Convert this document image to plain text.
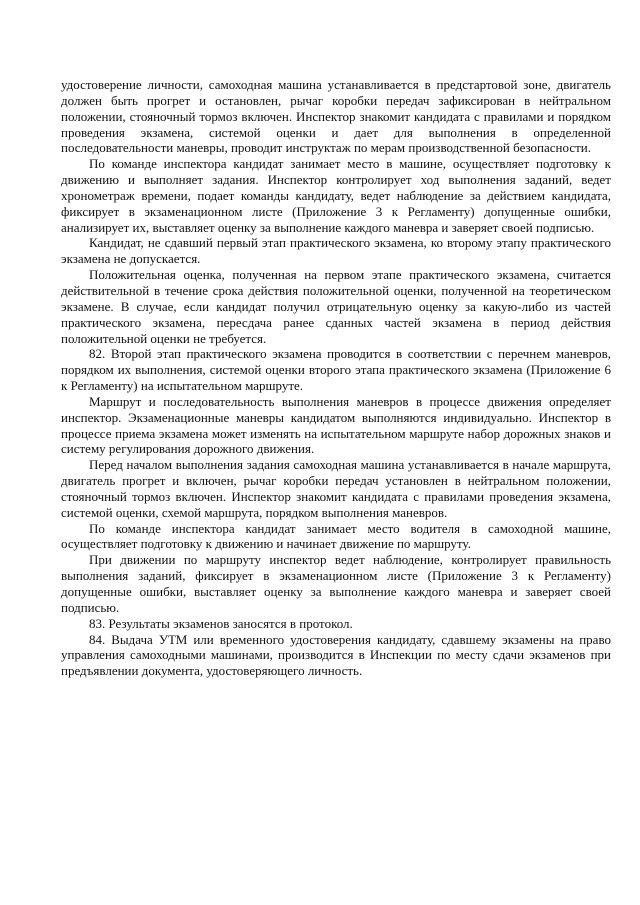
удостоверение личности, самоходная машина устанавливается в предстартовой зоне, двигатель должен быть прогрет и остановлен, рычаг коробки передач зафиксирован в нейтральном положении, стояночный тормоз включен. Инспектор знакомит кандидата с правилами и порядком проведения экзамена, системой оценки и дает для выполнения в определенной последовательности маневры, проводит инструктаж по мерам производственной безопасности.

По команде инспектора кандидат занимает место в машине, осуществляет подготовку к движению и выполняет задания. Инспектор контролирует ход выполнения заданий, ведет хронометраж времени, подает команды кандидату, ведет наблюдение за действием кандидата, фиксирует в экзаменационном листе (Приложение 3 к Регламенту) допущенные ошибки, анализирует их, выставляет оценку за выполнение каждого маневра и заверяет своей подписью.

Кандидат, не сдавший первый этап практического экзамена, ко второму этапу практического экзамена не допускается.

Положительная оценка, полученная на первом этапе практического экзамена, считается действительной в течение срока действия положительной оценки, полученной на теоретическом экзамене. В случае, если кандидат получил отрицательную оценку за какую-либо из частей практического экзамена, пересдача ранее сданных частей экзамена в период действия положительной оценки не требуется.

82. Второй этап практического экзамена проводится в соответствии с перечнем маневров, порядком их выполнения, системой оценки второго этапа практического экзамена (Приложение 6 к Регламенту) на испытательном маршруте.

Маршрут и последовательность выполнения маневров в процессе движения определяет инспектор. Экзаменационные маневры кандидатом выполняются индивидуально. Инспектор в процессе приема экзамена может изменять на испытательном маршруте набор дорожных знаков и систему регулирования дорожного движения.

Перед началом выполнения задания самоходная машина устанавливается в начале маршрута, двигатель прогрет и включен, рычаг коробки передач установлен в нейтральном положении, стояночный тормоз включен. Инспектор знакомит кандидата с правилами проведения экзамена, системой оценки, схемой маршрута, порядком выполнения маневров.

По команде инспектора кандидат занимает место водителя в самоходной машине, осуществляет подготовку к движению и начинает движение по маршруту.

При движении по маршруту инспектор ведет наблюдение, контролирует правильность выполнения заданий, фиксирует в экзаменационном листе (Приложение 3 к Регламенту) допущенные ошибки, выставляет оценку за выполнение каждого маневра и заверяет своей подписью.

83. Результаты экзаменов заносятся в протокол.

84. Выдача УТМ или временного удостоверения кандидату, сдавшему экзамены на право управления самоходными машинами, производится в Инспекции по месту сдачи экзаменов при предъявлении документа, удостоверяющего личность.
